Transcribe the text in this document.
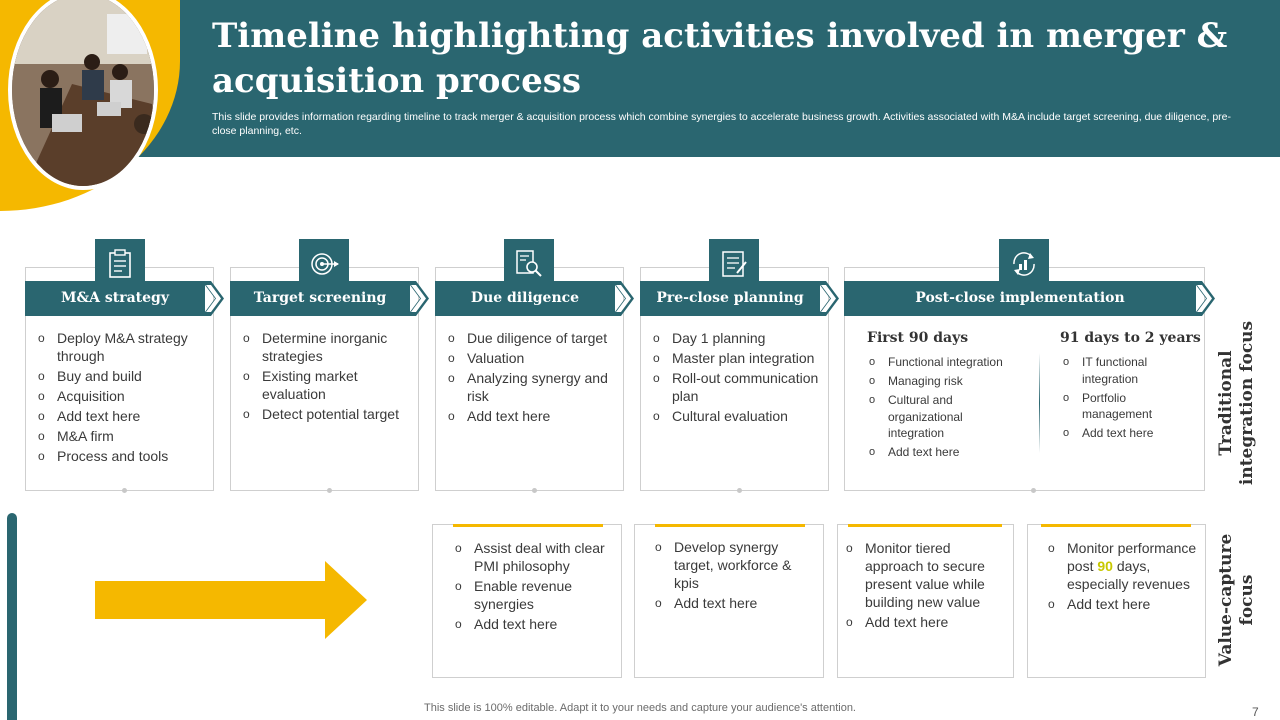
Timeline highlighting activities involved in merger & acquisition process
This slide provides information regarding timeline to track merger & acquisition process which combine synergies to accelerate business growth. Activities associated with M&A include target screening, due diligence, pre-close planning, etc.
o Deploy M&A strategy through
o Buy and build
o Acquisition
o Add text here
o M&A firm
o Process and tools
M&A strategy
o Determine inorganic strategies
o Existing market evaluation
o Detect potential target
Target screening
o Due diligence of target
o Valuation
o Analyzing synergy and risk
o Add text here
Due diligence
o Day 1 planning
o Master plan integration
o Roll-out communication plan
o Cultural evaluation
Pre-close planning
First 90 days
o Functional integration
o Managing risk
o Cultural and organizational integration
o Add text here
91 days to 2 years
o IT functional integration
o Portfolio management
o Add text here
Post-close implementation
Traditional integration focus
Value-capture focus
o Assist deal with clear PMI philosophy
o Enable revenue synergies
o Add text here
o Develop synergy target, workforce & kpis
o Add text here
o Monitor tiered approach to secure present value while building new value
o Add text here
o Monitor performance post 90 days, especially revenues
o Add text here
This slide is 100% editable. Adapt it to your needs and capture your audience's attention.	7
